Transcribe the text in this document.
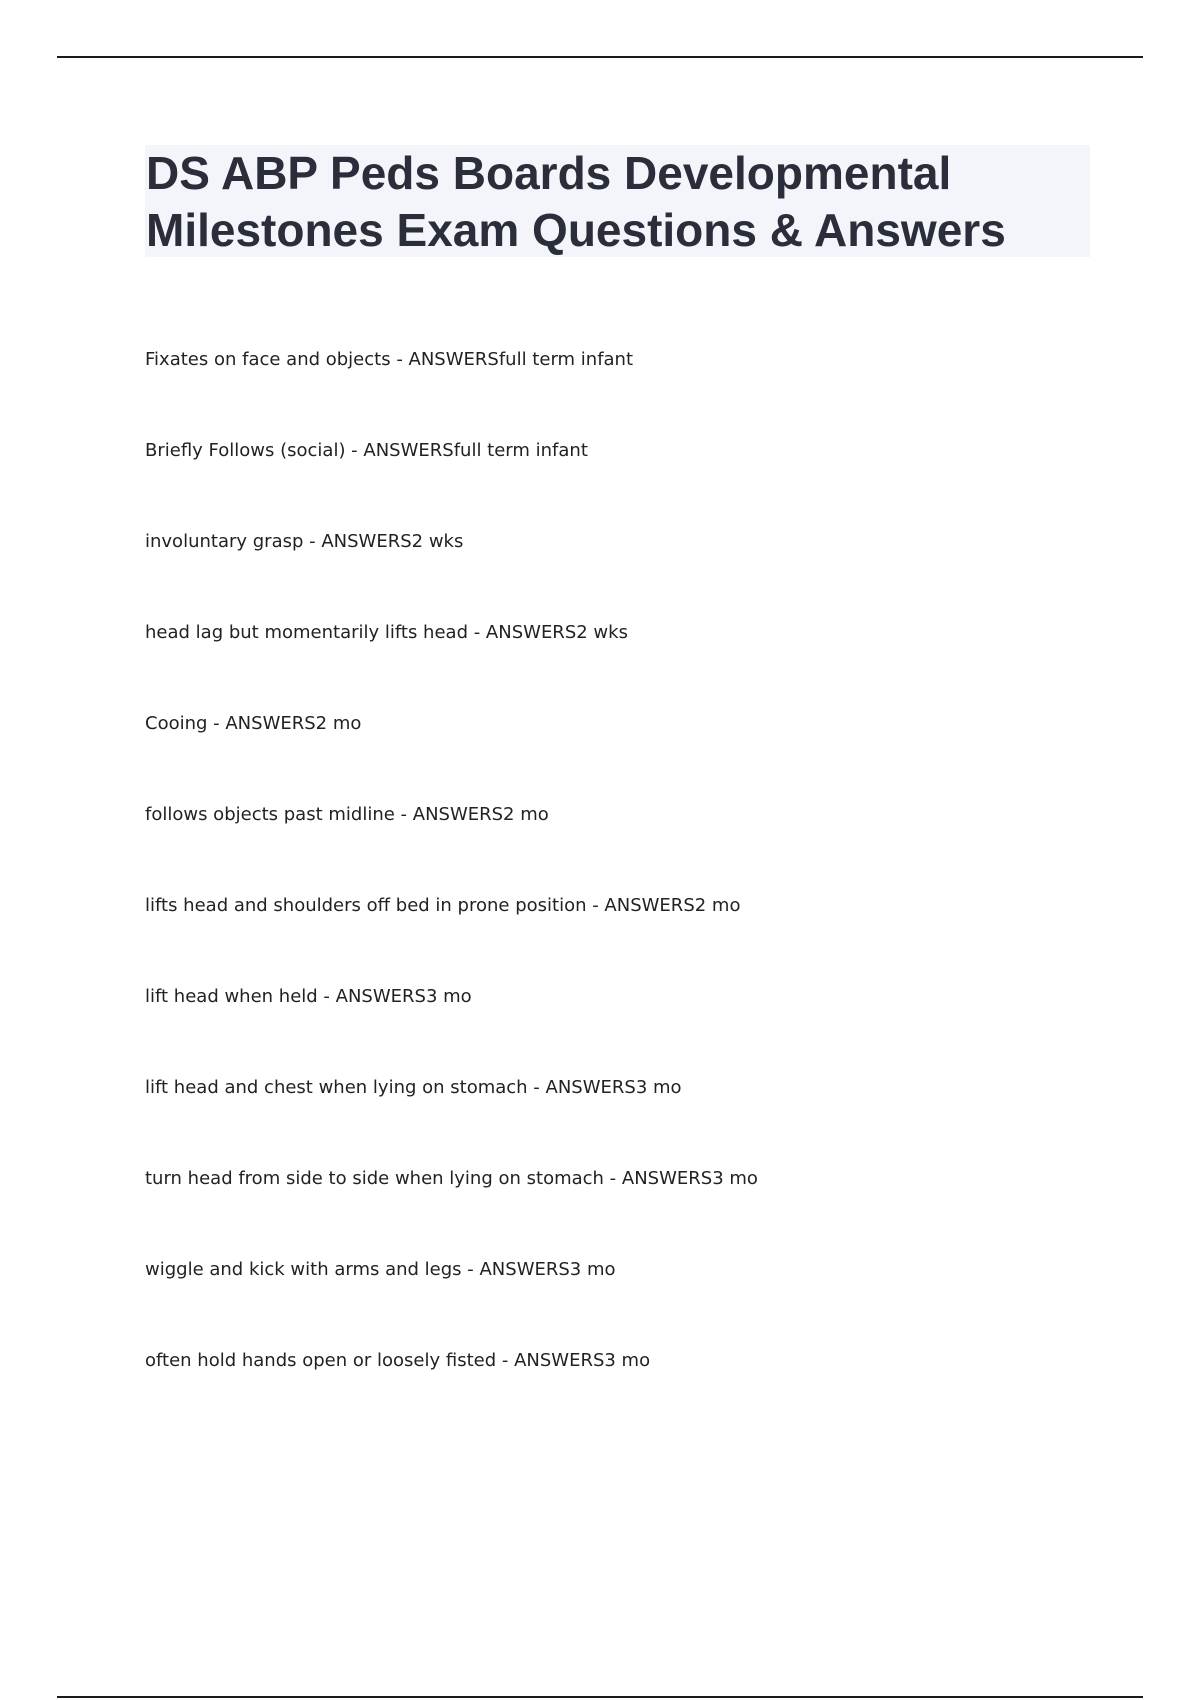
DS ABP Peds Boards Developmental
Milestones Exam Questions & Answers
Fixates on face and objects - ANSWERSfull term infant
Briefly Follows (social) - ANSWERSfull term infant
involuntary grasp - ANSWERS2 wks
head lag but momentarily lifts head - ANSWERS2 wks
Cooing - ANSWERS2 mo
follows objects past midline - ANSWERS2 mo
lifts head and shoulders off bed in prone position - ANSWERS2 mo
lift head when held - ANSWERS3 mo
lift head and chest when lying on stomach - ANSWERS3 mo
turn head from side to side when lying on stomach - ANSWERS3 mo
wiggle and kick with arms and legs - ANSWERS3 mo
often hold hands open or loosely fisted - ANSWERS3 mo
